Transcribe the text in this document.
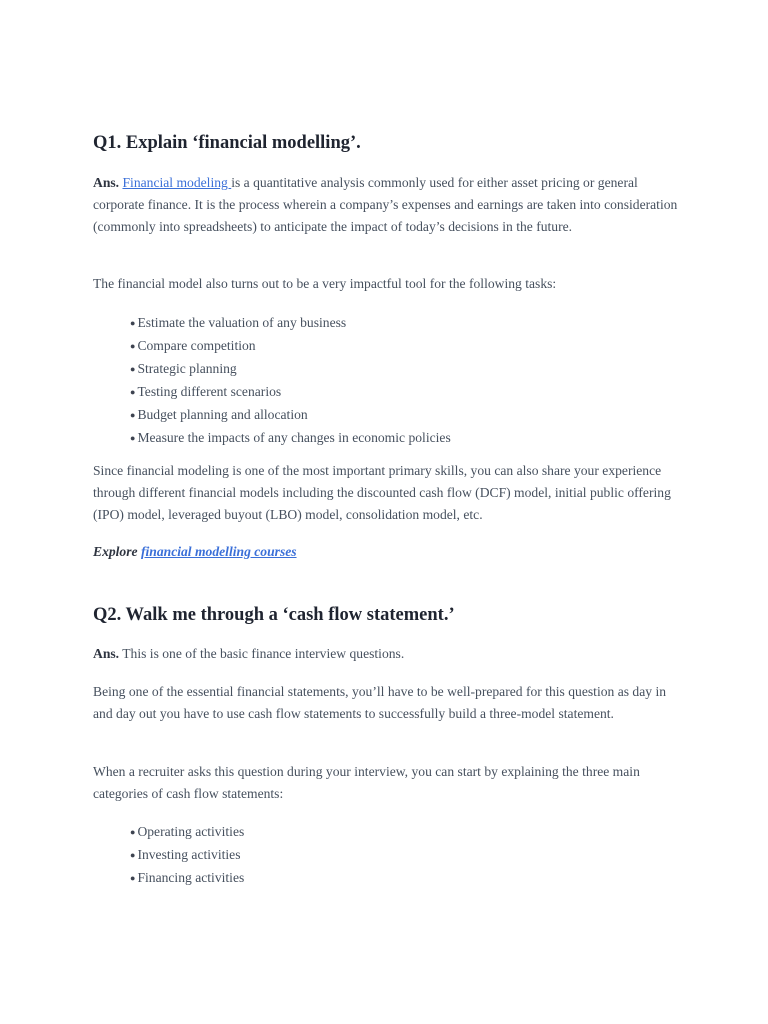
Q1. Explain ‘financial modelling’.

Ans. Financial modeling is a quantitative analysis commonly used for either asset pricing or general corporate finance. It is the process wherein a company’s expenses and earnings are taken into consideration (commonly into spreadsheets) to anticipate the impact of today’s decisions in the future.

The financial model also turns out to be a very impactful tool for the following tasks:

● Estimate the valuation of any business
● Compare competition
● Strategic planning
● Testing different scenarios
● Budget planning and allocation
● Measure the impacts of any changes in economic policies

Since financial modeling is one of the most important primary skills, you can also share your experience through different financial models including the discounted cash flow (DCF) model, initial public offering (IPO) model, leveraged buyout (LBO) model, consolidation model, etc.

Explore financial modelling courses

Q2. Walk me through a ‘cash flow statement.’

Ans. This is one of the basic finance interview questions.

Being one of the essential financial statements, you’ll have to be well-prepared for this question as day in and day out you have to use cash flow statements to successfully build a three-model statement.

When a recruiter asks this question during your interview, you can start by explaining the three main categories of cash flow statements:

● Operating activities
● Investing activities
● Financing activities
